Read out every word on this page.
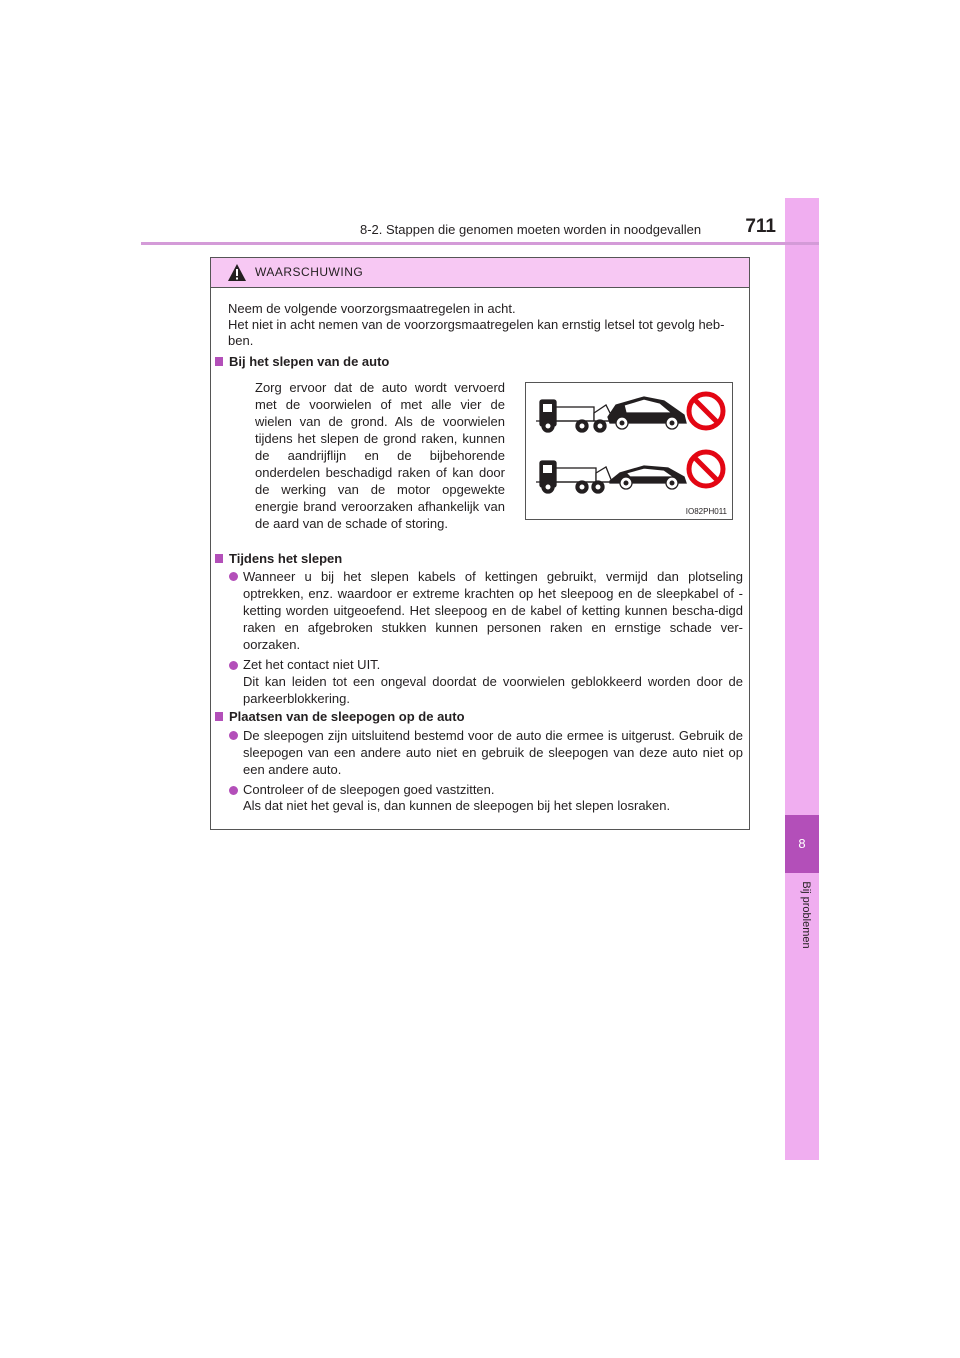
8
Bij problemen
8-2. Stappen die genomen moeten worden in noodgevallen	711
WAARSCHUWING
Neem de volgende voorzorgsmaatregelen in acht.
Het niet in acht nemen van de voorzorgsmaatregelen kan ernstig letsel tot gevolg heb-ben.
Bij het slepen van de auto
Zorg ervoor dat de auto wordt vervoerd met de voorwielen of met alle vier de wielen van de grond. Als de voorwielen tijdens het slepen de grond raken, kunnen de aandrijflijn en de bijbehorende onderdelen beschadigd raken of kan door de werking van de motor opgewekte energie brand veroorzaken afhankelijk van de aard van de schade of storing.
IO82PH011
Tijdens het slepen
Wanneer u bij het slepen kabels of kettingen gebruikt, vermijd dan plotseling optrekken, enz. waardoor er extreme krachten op het sleepoog en de sleepkabel of -ketting worden uitgeoefend. Het sleepoog en de kabel of ketting kunnen bescha-digd raken en afgebroken stukken kunnen personen raken en ernstige schade ver-oorzaken.
Zet het contact niet UIT.
Dit kan leiden tot een ongeval doordat de voorwielen geblokkeerd worden door de parkeerblokkering.
Plaatsen van de sleepogen op de auto
De sleepogen zijn uitsluitend bestemd voor de auto die ermee is uitgerust. Gebruik de sleepogen van een andere auto niet en gebruik de sleepogen van deze auto niet op een andere auto.
Controleer of de sleepogen goed vastzitten.
Als dat niet het geval is, dan kunnen de sleepogen bij het slepen losraken.
